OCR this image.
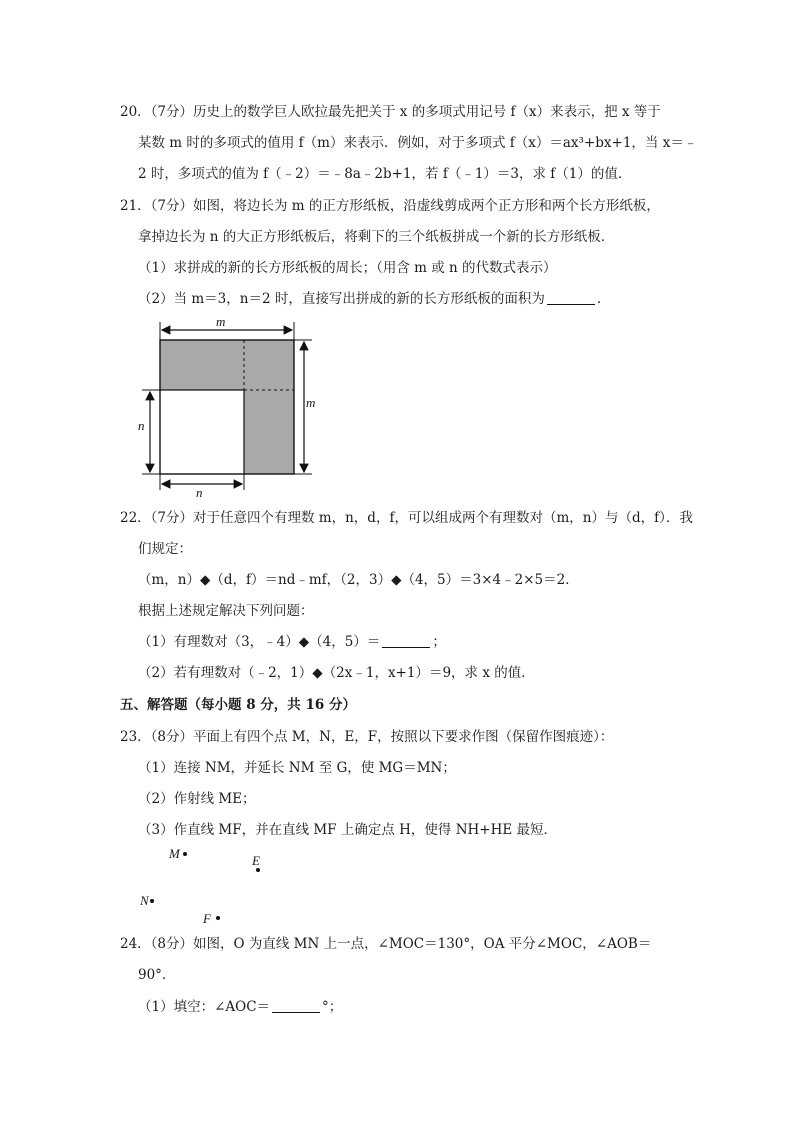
20．（7分）历史上的数学巨人欧拉最先把关于 x 的多项式用记号 f（x）来表示，把 x 等于
某数 m 时的多项式的值用 f（m）来表示．例如，对于多项式 f（x）＝ax³+bx+1，当 x＝﹣
2 时，多项式的值为 f（﹣2）＝﹣8a﹣2b+1，若 f（﹣1）＝3，求 f（1）的值．
21．（7分）如图，将边长为 m 的正方形纸板，沿虚线剪成两个正方形和两个长方形纸板，
拿掉边长为 n 的大正方形纸板后，将剩下的三个纸板拼成一个新的长方形纸板．
（1）求拼成的新的长方形纸板的周长；（用含 m 或 n 的代数式表示）
（2）当 m＝3，n＝2 时，直接写出拼成的新的长方形纸板的面积为	．
m
m
n
n
22．（7分）对于任意四个有理数 m，n，d，f，可以组成两个有理数对（m，n）与（d，f）．我
们规定：
（m，n）◆（d，f）＝nd﹣mf，（2，3）◆（4，5）＝3×4﹣2×5＝2．
根据上述规定解决下列问题：
（1）有理数对（3，﹣4）◆（4，5）＝	；
（2）若有理数对（﹣2，1）◆（2x﹣1，x+1）＝9，求 x 的值．
五、解答题（每小题 8 分，共 16 分）
23．（8分）平面上有四个点 M，N，E，F，按照以下要求作图（保留作图痕迹）：
（1）连接 NM，并延长 NM 至 G，使 MG＝MN；
（2）作射线 ME；
（3）作直线 MF，并在直线 MF 上确定点 H，使得 NH+HE 最短．
M	E
N
F
24．（8分）如图，O 为直线 MN 上一点，∠MOC＝130°，OA 平分∠MOC，∠AOB＝
90°．
（1）填空：∠AOC＝	°；
